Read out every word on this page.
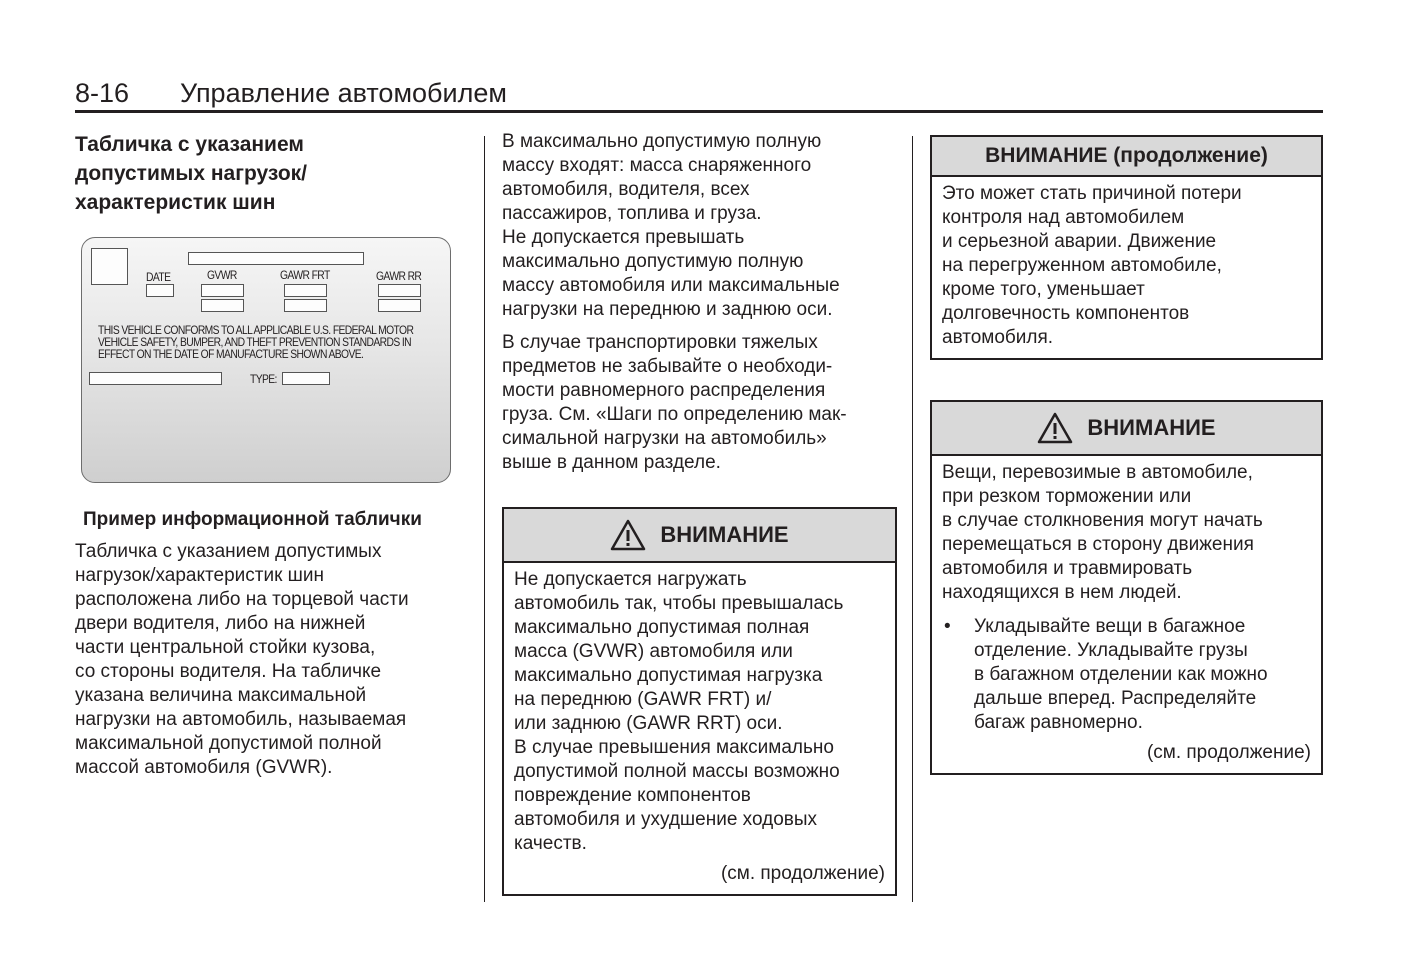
8-16 Управление автомобилем
Табличка с указанием
допустимых нагрузок/
характеристик шин
DATE	GVWR	GAWR FRT	GAWR RR
THIS VEHICLE CONFORMS TO ALL APPLICABLE U.S. FEDERAL MOTOR
VEHICLE SAFETY, BUMPER, AND THEFT PREVENTION STANDARDS IN
EFFECT ON THE DATE OF MANUFACTURE SHOWN ABOVE.
TYPE:
Пример информационной таблички
Табличка с указанием допустимых
нагрузок/характеристик шин
расположена либо на торцевой части
двери водителя, либо на нижней
части центральной стойки кузова,
со стороны водителя. На табличке
указана величина максимальной
нагрузки на автомобиль, называемая
максимальной допустимой полной
массой автомобиля (GVWR).
В максимально допустимую полную
массу входят: масса снаряженного
автомобиля, водителя, всех
пассажиров, топлива и груза.
Не допускается превышать
максимально допустимую полную
массу автомобиля или максимальные
нагрузки на переднюю и заднюю оси.
В случае транспортировки тяжелых
предметов не забывайте о необходи-
мости равномерного распределения
груза. См. «Шаги по определению мак-
симальной нагрузки на автомобиль»
выше в данном разделе.
ВНИМАНИЕ
Не допускается нагружать
автомобиль так, чтобы превышалась
максимально допустимая полная
масса (GVWR) автомобиля или
максимально допустимая нагрузка
на переднюю (GAWR FRT) и/
или заднюю (GAWR RRT) оси.
В случае превышения максимально
допустимой полной массы возможно
повреждение компонентов
автомобиля и ухудшение ходовых
качеств.
(см. продолжение)
ВНИМАНИЕ (продолжение)
Это может стать причиной потери
контроля над автомобилем
и серьезной аварии. Движение
на перегруженном автомобиле,
кроме того, уменьшает
долговечность компонентов
автомобиля.
ВНИМАНИЕ
Вещи, перевозимые в автомобиле,
при резком торможении или
в случае столкновения могут начать
перемещаться в сторону движения
автомобиля и травмировать
находящихся в нем людей.
•	Укладывайте вещи в багажное
отделение. Укладывайте грузы
в багажном отделении как можно
дальше вперед. Распределяйте
багаж равномерно.
(см. продолжение)
